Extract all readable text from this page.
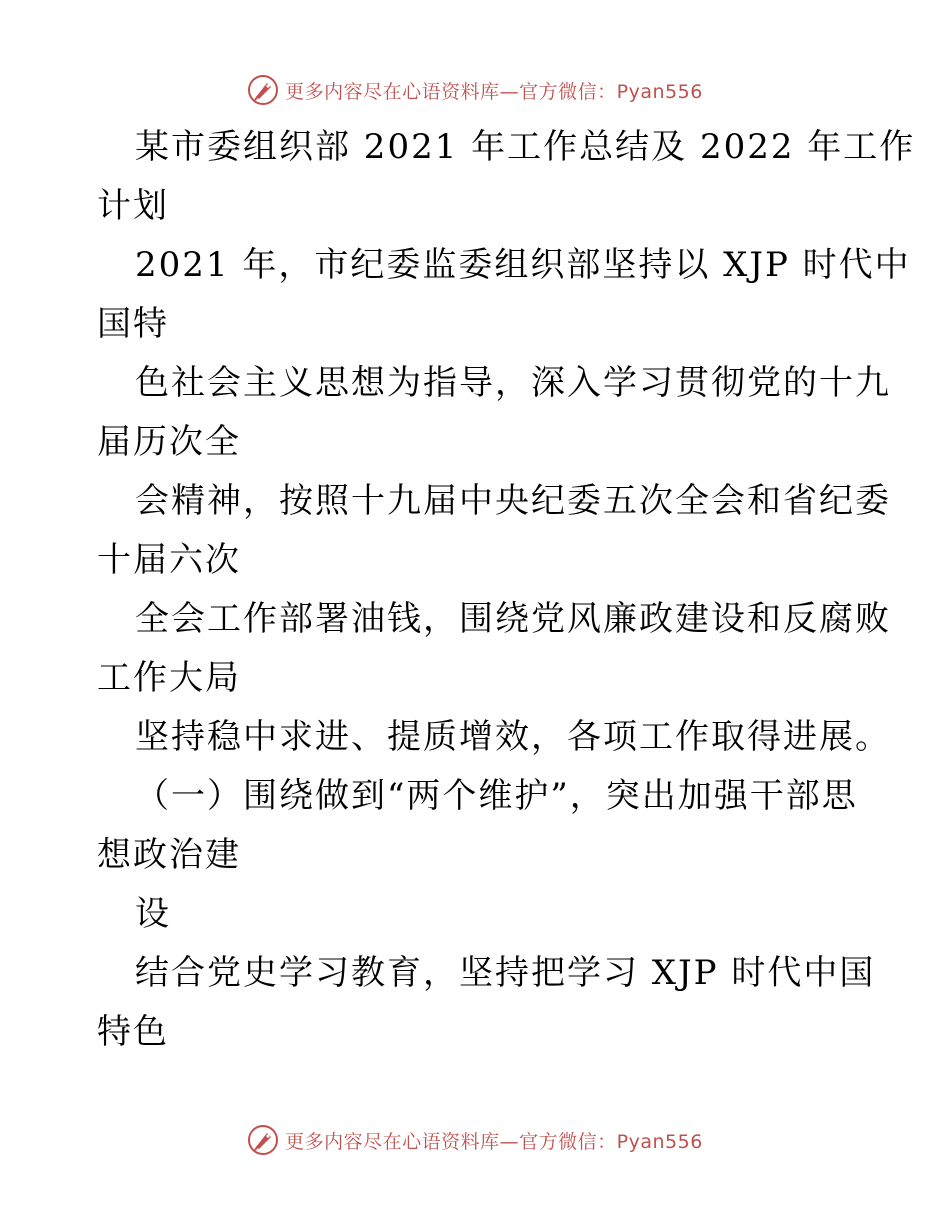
更多内容尽在心语资料库—官方微信：Pyan556

某市委组织部 2021 年工作总结及 2022 年工作

计划

2021 年，市纪委监委组织部坚持以 XJP 时代中

国特

色社会主义思想为指导，深入学习贯彻党的十九

届历次全

会精神，按照十九届中央纪委五次全会和省纪委

十届六次

全会工作部署油钱，围绕党风廉政建设和反腐败

工作大局

坚持稳中求进、提质增效，各项工作取得进展。

（一）围绕做到“两个维护”，突出加强干部思

想政治建

设

结合党史学习教育，坚持把学习 XJP 时代中国

特色

更多内容尽在心语资料库—官方微信：Pyan556
